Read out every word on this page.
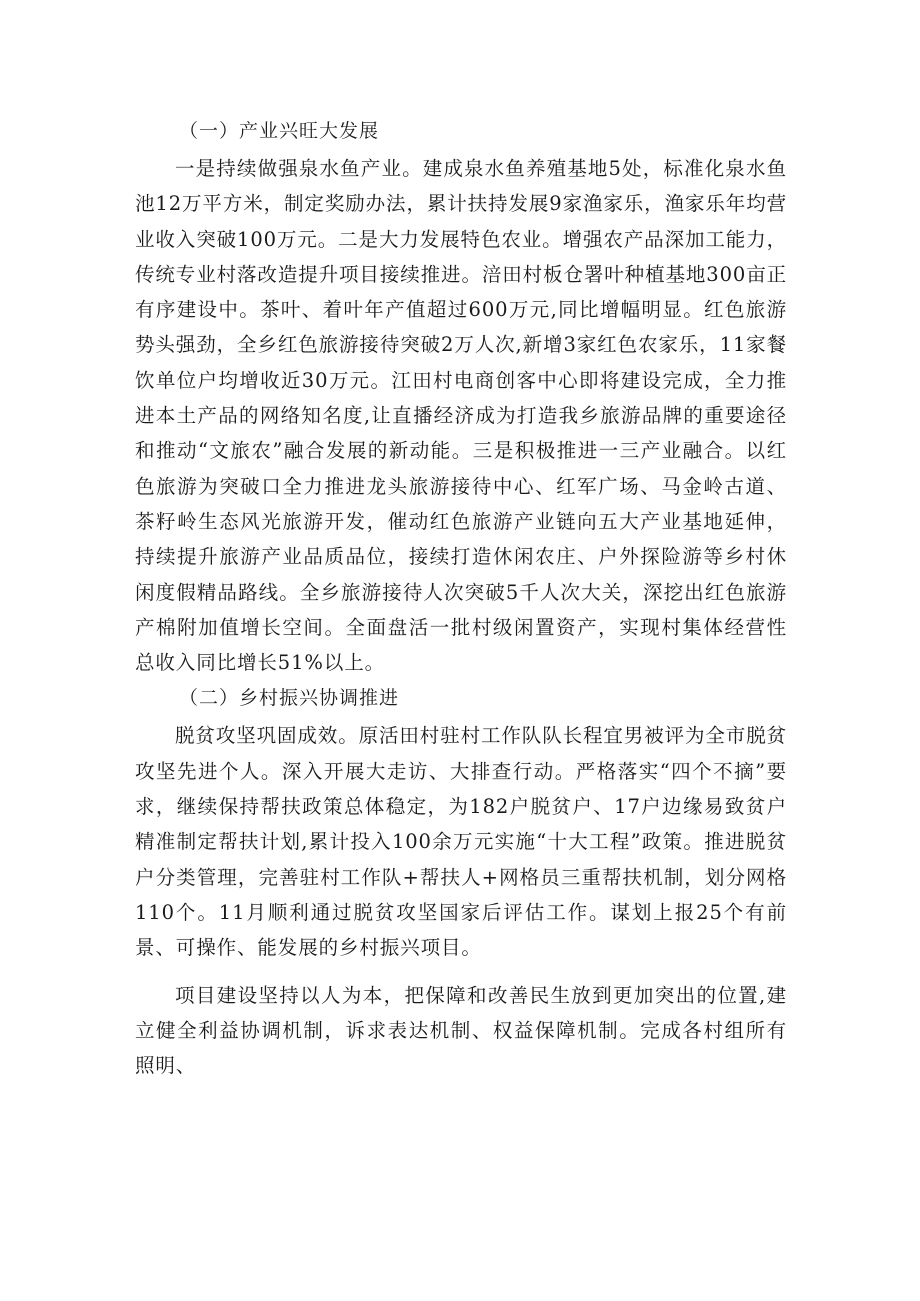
（一）产业兴旺大发展

一是持续做强泉水鱼产业。建成泉水鱼养殖基地5处，标准化泉水鱼池12万平方米，制定奖励办法，累计扶持发展9家渔家乐，渔家乐年均营业收入突破100万元。二是大力发展特色农业。增强农产品深加工能力，传统专业村落改造提升项目接续推进。涪田村板仓署叶种植基地300亩正有序建设中。茶叶、着叶年产值超过600万元,同比增幅明显。红色旅游势头强劲，全乡红色旅游接待突破2万人次,新增3家红色农家乐，11家餐饮单位户均增收近30万元。江田村电商创客中心即将建设完成，全力推进本土产品的网络知名度,让直播经济成为打造我乡旅游品牌的重要途径和推动“文旅农”融合发展的新动能。三是积极推进一三产业融合。以红色旅游为突破口全力推进龙头旅游接待中心、红军广场、马金岭古道、茶籽岭生态风光旅游开发，催动红色旅游产业链向五大产业基地延伸，持续提升旅游产业品质品位，接续打造休闲农庄、户外探险游等乡村休闲度假精品路线。全乡旅游接待人次突破5千人次大关，深挖出红色旅游产棉附加值增长空间。全面盘活一批村级闲置资产，实现村集体经营性总收入同比增长51%以上。

（二）乡村振兴协调推进

脱贫攻坚巩固成效。原活田村驻村工作队队长程宜男被评为全市脱贫攻坚先进个人。深入开展大走访、大排查行动。严格落实“四个不摘”要求，继续保持帮扶政策总体稳定，为182户脱贫户、17户边缘易致贫户精准制定帮扶计划,累计投入100余万元实施“十大工程”政策。推进脱贫户分类管理，完善驻村工作队+帮扶人+网格员三重帮扶机制，划分网格110个。11月顺利通过脱贫攻坚国家后评估工作。谋划上报25个有前景、可操作、能发展的乡村振兴项目。

项目建设坚持以人为本，把保障和改善民生放到更加突出的位置,建立健全利益协调机制，诉求表达机制、权益保障机制。完成各村组所有照明、
